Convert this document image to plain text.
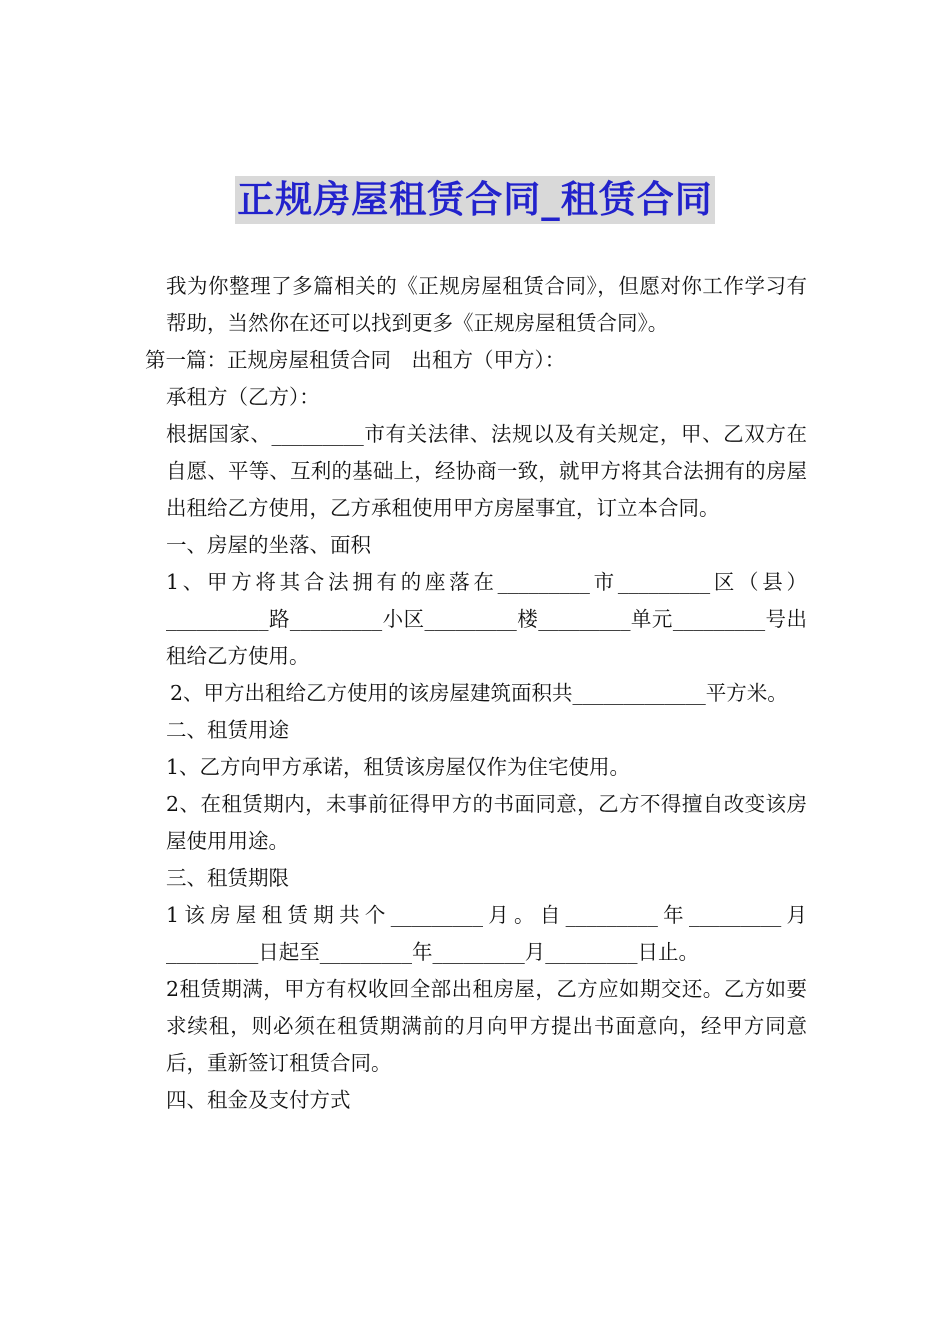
正规房屋租赁合同_租赁合同

我为你整理了多篇相关的《正规房屋租赁合同》，但愿对你工作学习有帮助，当然你在还可以找到更多《正规房屋租赁合同》。

第一篇：正规房屋租赁合同　出租方（甲方）：

承租方（乙方）：

根据国家、_________市有关法律、法规以及有关规定，甲、乙双方在自愿、平等、互利的基础上，经协商一致，就甲方将其合法拥有的房屋出租给乙方使用，乙方承租使用甲方房屋事宜，订立本合同。

一、房屋的坐落、面积

1、甲方将其合法拥有的座落在_________市_________区（县）__________路_________小区_________楼_________单元_________号出租给乙方使用。

2、甲方出租给乙方使用的该房屋建筑面积共_____________平方米。

二、租赁用途

1、乙方向甲方承诺，租赁该房屋仅作为住宅使用。

2、在租赁期内，未事前征得甲方的书面同意，乙方不得擅自改变该房屋使用用途。

三、租赁期限

1该房屋租赁期共个_________月。自_________年_________月_________日起至_________年_________月_________日止。

2租赁期满，甲方有权收回全部出租房屋，乙方应如期交还。乙方如要求续租，则必须在租赁期满前的月向甲方提出书面意向，经甲方同意后，重新签订租赁合同。

四、租金及支付方式
